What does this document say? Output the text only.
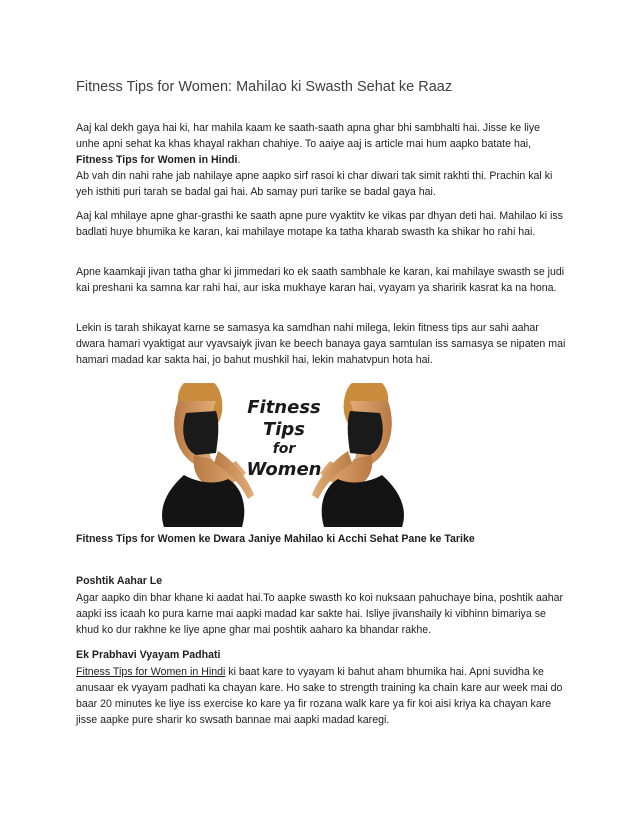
Fitness Tips for Women: Mahilao ki Swasth Sehat ke Raaz

Aaj kal dekh gaya hai ki, har mahila kaam ke saath-saath apna ghar bhi sambhalti hai. Jisse ke liye unhe apni sehat ka khas khayal rakhan chahiye. To aaiye aaj is article mai hum aapko batate hai, Fitness Tips for Women in Hindi.

Ab vah din nahi rahe jab nahilaye apne aapko sirf rasoi ki char diwari tak simit rakhti thi. Prachin kal ki yeh isthiti puri tarah se badal gai hai. Ab samay puri tarike se badal gaya hai.

Aaj kal mhilaye apne ghar-grasthi ke saath apne pure vyaktitv ke vikas par dhyan deti hai. Mahilao ki iss badlati huye bhumika ke karan, kai mahilaye motape ka tatha kharab swasth ka shikar ho rahi hai.

Apne kaamkaji jivan tatha ghar ki jimmedari ko ek saath sambhale ke karan, kai mahilaye swasth se judi kai preshani ka samna kar rahi hai, aur iska mukhaye karan hai, vyayam ya sharirik kasrat ka na hona.

Lekin is tarah shikayat karne se samasya ka samdhan nahi milega, lekin fitness tips aur sahi aahar dwara hamari vyaktigat aur vyavsaiyk jivan ke beech banaya gaya samtulan iss samasya se nipaten mai hamari madad kar sakta hai, jo bahut mushkil hai, lekin mahatvpun hota hai.

Fitness
Tips
for
Women
Fitness Tips for Women ke Dwara Janiye Mahilao ki Acchi Sehat Pane ke Tarike
Poshtik Aahar Le

Agar aapko din bhar khane ki aadat hai.To aapke swasth ko koi nuksaan pahuchaye bina, poshtik aahar aapki iss icaah ko pura karne mai aapki madad kar sakte hai. Isliye jivanshaily ki vibhinn bimariya se khud ko dur rakhne ke liye apne ghar mai poshtik aaharo ka bhandar rakhe.

Ek Prabhavi Vyayam Padhati

Fitness Tips for Women in Hindi ki baat kare to vyayam ki bahut aham bhumika hai. Apni suvidha ke anusaar ek vyayam padhati ka chayan kare. Ho sake to strength training ka chain kare aur week mai do baar 20 minutes ke liye iss exercise ko kare ya fir rozana walk kare ya fir koi aisi kriya ka chayan kare jisse aapke pure sharir ko swsath bannae mai aapki madad karegi.
